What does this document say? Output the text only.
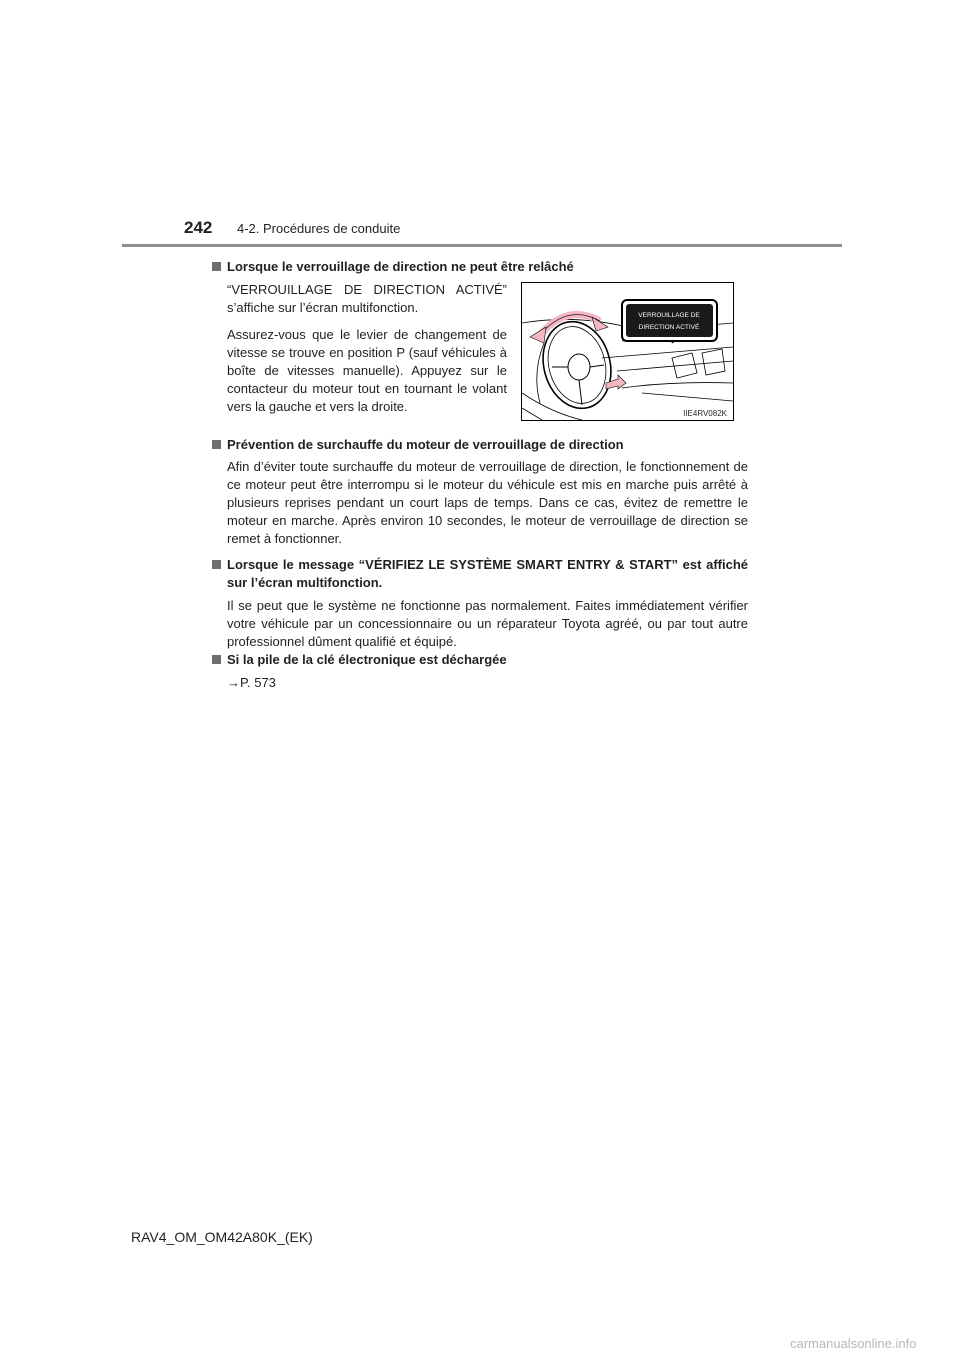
242 4-2. Procédures de conduite
Lorsque le verrouillage de direction ne peut être relâché

“VERROUILLAGE DE DIRECTION ACTIVÉ” s’affiche sur l’écran multifonction.

Assurez-vous que le levier de changement de vitesse se trouve en position P (sauf véhicules à boîte de vitesses manuelle). Appuyez sur le contacteur du moteur tout en tournant le volant vers la gauche et vers la droite.

VERROUILLAGE DE
DIRECTION ACTIVÉ
IIE4RV082K
Prévention de surchauffe du moteur de verrouillage de direction

Afin d’éviter toute surchauffe du moteur de verrouillage de direction, le fonctionnement de ce moteur peut être interrompu si le moteur du véhicule est mis en marche puis arrêté à plusieurs reprises pendant un court laps de temps. Dans ce cas, évitez de remettre le moteur en marche. Après environ 10 secondes, le moteur de verrouillage de direction se remet à fonctionner.

Lorsque le message “VÉRIFIEZ LE SYSTÈME SMART ENTRY & START” est affiché sur l’écran multifonction.

Il se peut que le système ne fonctionne pas normalement. Faites immédiatement vérifier votre véhicule par un concessionnaire ou un réparateur Toyota agréé, ou par tout autre professionnel dûment qualifié et équipé.

Si la pile de la clé électronique est déchargée

→P. 573

RAV4_OM_OM42A80K_(EK)
carmanualsonline.info
